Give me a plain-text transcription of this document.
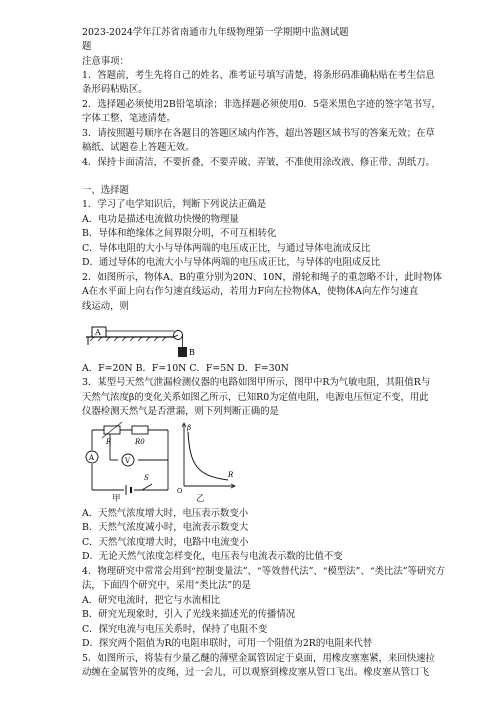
2023-2024学年江苏省南通市九年级物理第一学期期中监测试题
题
注意事项：
1．答题前，考生先将自己的姓名、准考证号填写清楚，将条形码准确粘贴在考生信息
条形码粘贴区。
2．选择题必须使用2B铅笔填涂；非选择题必须使用0．5毫米黑色字迹的签字笔书写，
字体工整、笔迹清楚。
3．请按照题号顺序在各题目的答题区域内作答，超出答题区域书写的答案无效；在草
稿纸、试题卷上答题无效。
4．保持卡面清洁，不要折叠，不要弄破、弄皱，不准使用涂改液、修正带、刮纸刀。
一、选择题
1．学习了电学知识后，判断下列说法正确是
A．电功是描述电流做功快慢的物理量
B．导体和绝缘体之间界限分明，不可互相转化
C．导体电阻的大小与导体两端的电压成正比，与通过导体电流成反比
D．通过导体的电流大小与导体两端的电压成正比，与导体的电阻成反比
2．如图所示，物体A、B的重分别为20N、10N，滑轮和绳子的重忽略不计，此时物体
A在水平面上向右作匀速直线运动，若用力F向左拉物体A，使物体A向左作匀速直
线运动，则
A
B
A．F=20N B．F=10N C．F=5N D．F=30N
3．某型号天然气泄漏检测仪器的电路如图甲所示，图甲中R为气敏电阻，其阻值R与
天然气浓度β的变化关系如图乙所示，已知R0为定值电阻，电源电压恒定不变，用此
仪器检测天然气是否泄漏，则下列判断正确的是
R	R0
A	V
S
甲
β
R
O
乙
A．天然气浓度增大时，电压表示数变小
B．天然气浓度减小时，电流表示数变大
C．天然气浓度增大时，电路中电流变小
D．无论天然气浓度怎样变化，电压表与电流表示数的比值不变
4．物理研究中常常会用到“控制变量法”、“等效替代法”、“模型法”、“类比法”等研究方
法，下面四个研究中，采用“类比法”的是
A．研究电流时，把它与水流相比
B．研究光现象时，引入了光线来描述光的传播情况
C．探究电流与电压关系时，保持了电阻不变
D．探究两个阻值为R的电阻串联时，可用一个阻值为2R的电阻来代替
5．如图所示，将装有少量乙醚的薄壁金属管固定于桌面，用橡皮塞塞紧，来回快速拉
动缠在金属管外的皮绳，过一会儿，可以观察到橡皮塞从管口飞出。橡皮塞从管口飞
